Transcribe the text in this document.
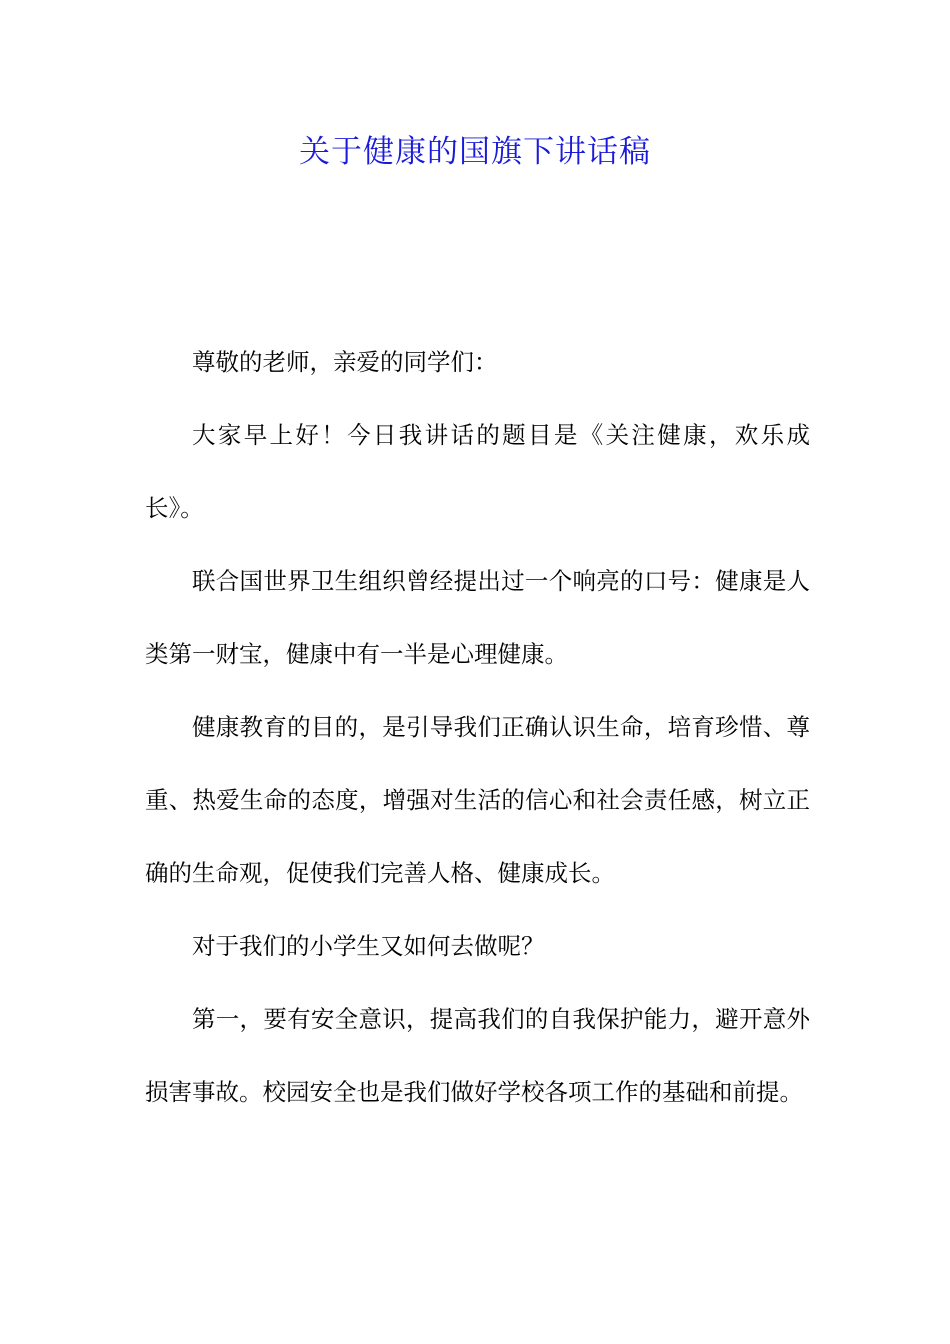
关于健康的国旗下讲话稿

尊敬的老师，亲爱的同学们：

大家早上好！今日我讲话的题目是《关注健康，欢乐成长》。

联合国世界卫生组织曾经提出过一个响亮的口号：健康是人类第一财宝，健康中有一半是心理健康。

健康教育的目的，是引导我们正确认识生命，培育珍惜、尊重、热爱生命的态度，增强对生活的信心和社会责任感，树立正确的生命观，促使我们完善人格、健康成长。

对于我们的小学生又如何去做呢？

第一，要有安全意识，提高我们的自我保护能力，避开意外损害事故。校园安全也是我们做好学校各项工作的基础和前提。
